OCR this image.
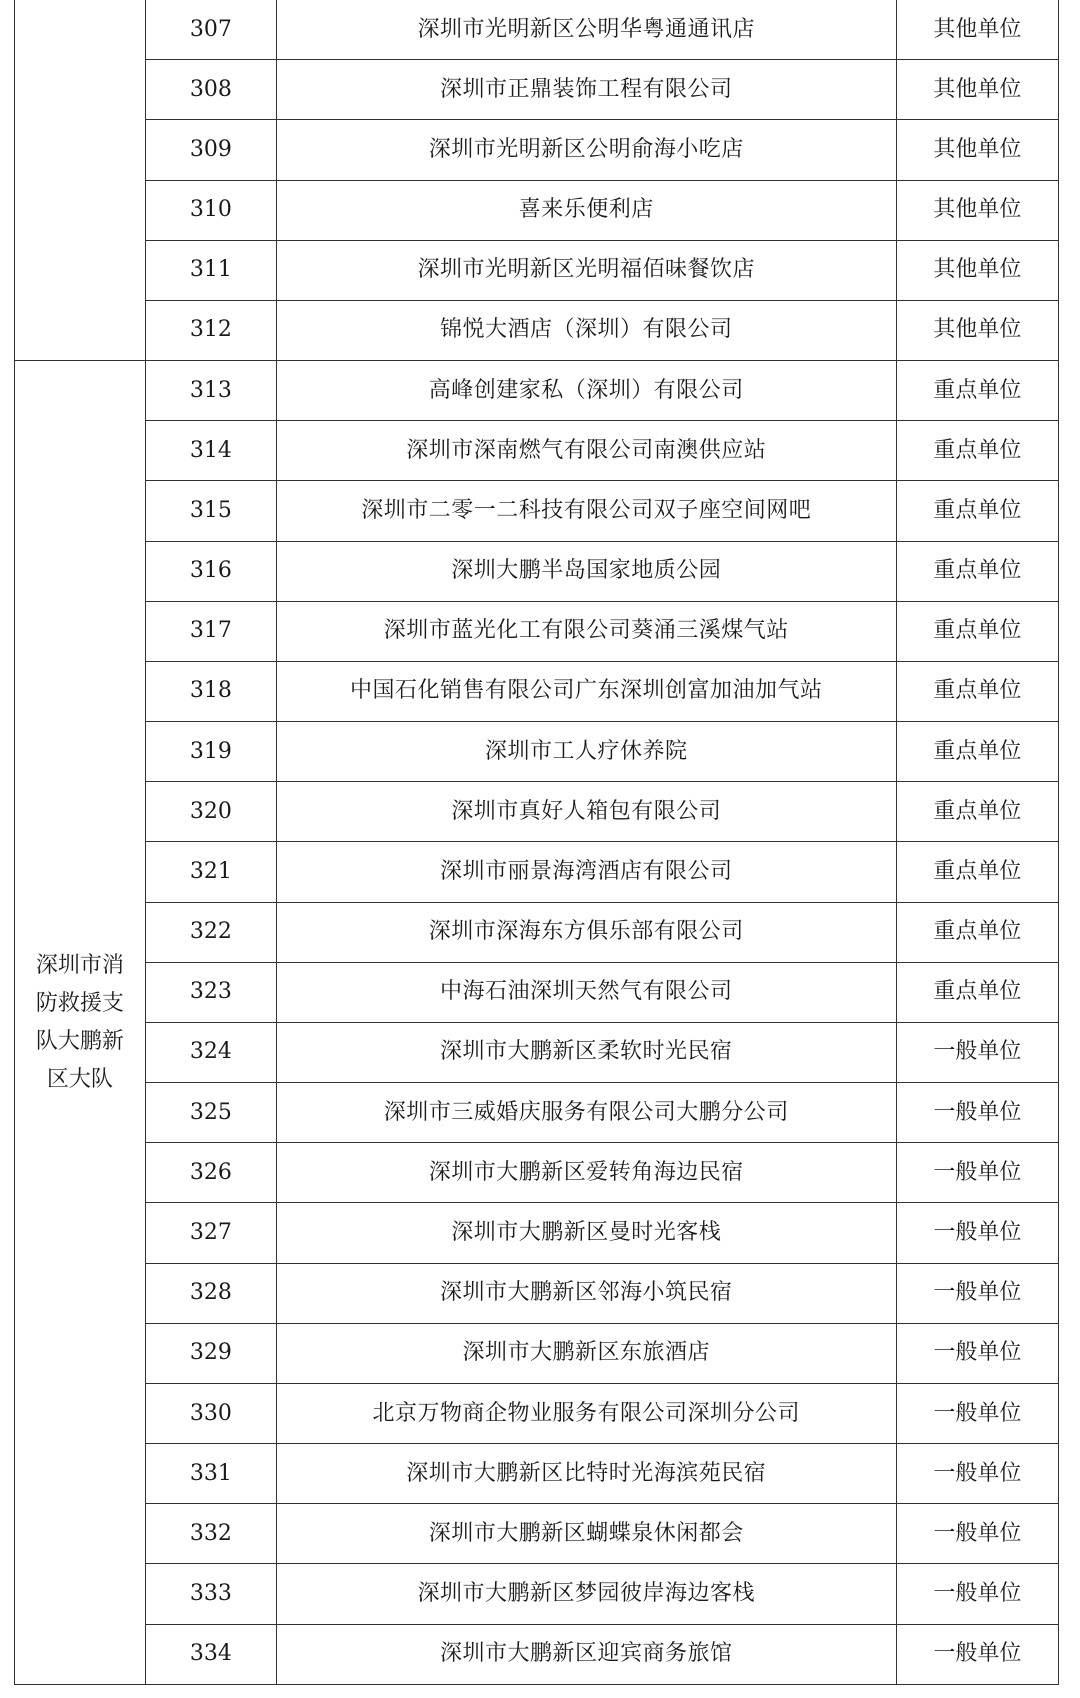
	307	深圳市光明新区公明华粤通通讯店	其他单位
	308	深圳市正鼎装饰工程有限公司	其他单位
	309	深圳市光明新区公明俞海小吃店	其他单位
	310	喜来乐便利店	其他单位
	311	深圳市光明新区光明福佰味餐饮店	其他单位
	312	锦悦大酒店（深圳）有限公司	其他单位
深圳市消防救援支队大鹏新区大队	313	高峰创建家私（深圳）有限公司	重点单位
	314	深圳市深南燃气有限公司南澳供应站	重点单位
	315	深圳市二零一二科技有限公司双子座空间网吧	重点单位
	316	深圳大鹏半岛国家地质公园	重点单位
	317	深圳市蓝光化工有限公司葵涌三溪煤气站	重点单位
	318	中国石化销售有限公司广东深圳创富加油加气站	重点单位
	319	深圳市工人疗休养院	重点单位
	320	深圳市真好人箱包有限公司	重点单位
	321	深圳市丽景海湾酒店有限公司	重点单位
	322	深圳市深海东方俱乐部有限公司	重点单位
	323	中海石油深圳天然气有限公司	重点单位
	324	深圳市大鹏新区柔软时光民宿	一般单位
	325	深圳市三威婚庆服务有限公司大鹏分公司	一般单位
	326	深圳市大鹏新区爱转角海边民宿	一般单位
	327	深圳市大鹏新区曼时光客栈	一般单位
	328	深圳市大鹏新区邻海小筑民宿	一般单位
	329	深圳市大鹏新区东旅酒店	一般单位
	330	北京万物商企物业服务有限公司深圳分公司	一般单位
	331	深圳市大鹏新区比特时光海滨苑民宿	一般单位
	332	深圳市大鹏新区蝴蝶泉休闲都会	一般单位
	333	深圳市大鹏新区梦园彼岸海边客栈	一般单位
	334	深圳市大鹏新区迎宾商务旅馆	一般单位
